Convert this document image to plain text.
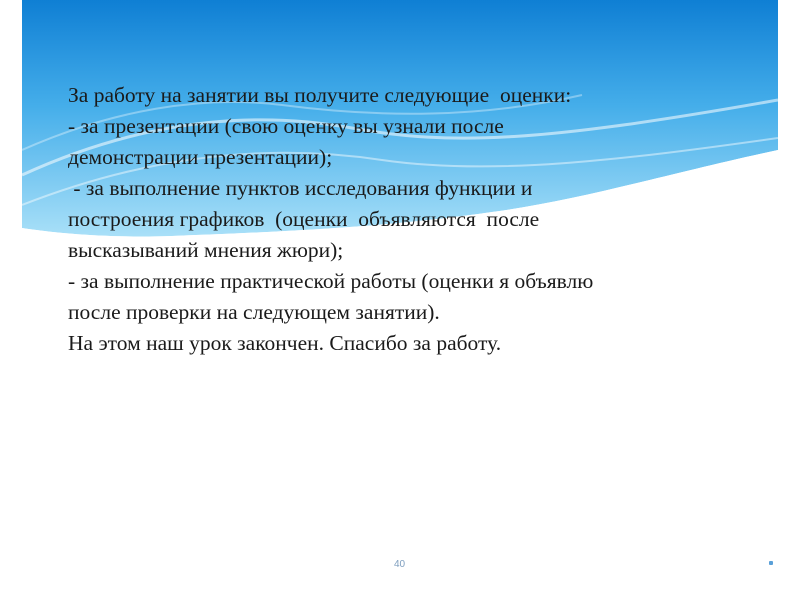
За работу на занятии вы получите следующие  оценки:
- за презентации (свою оценку вы узнали после
демонстрации презентации);
- за выполнение пунктов исследования функции и
построения графиков  (оценки  объявляются  после
высказываний мнения жюри);
- за выполнение практической работы (оценки я объявлю
после проверки на следующем занятии).
На этом наш урок закончен. Спасибо за работу.
40
